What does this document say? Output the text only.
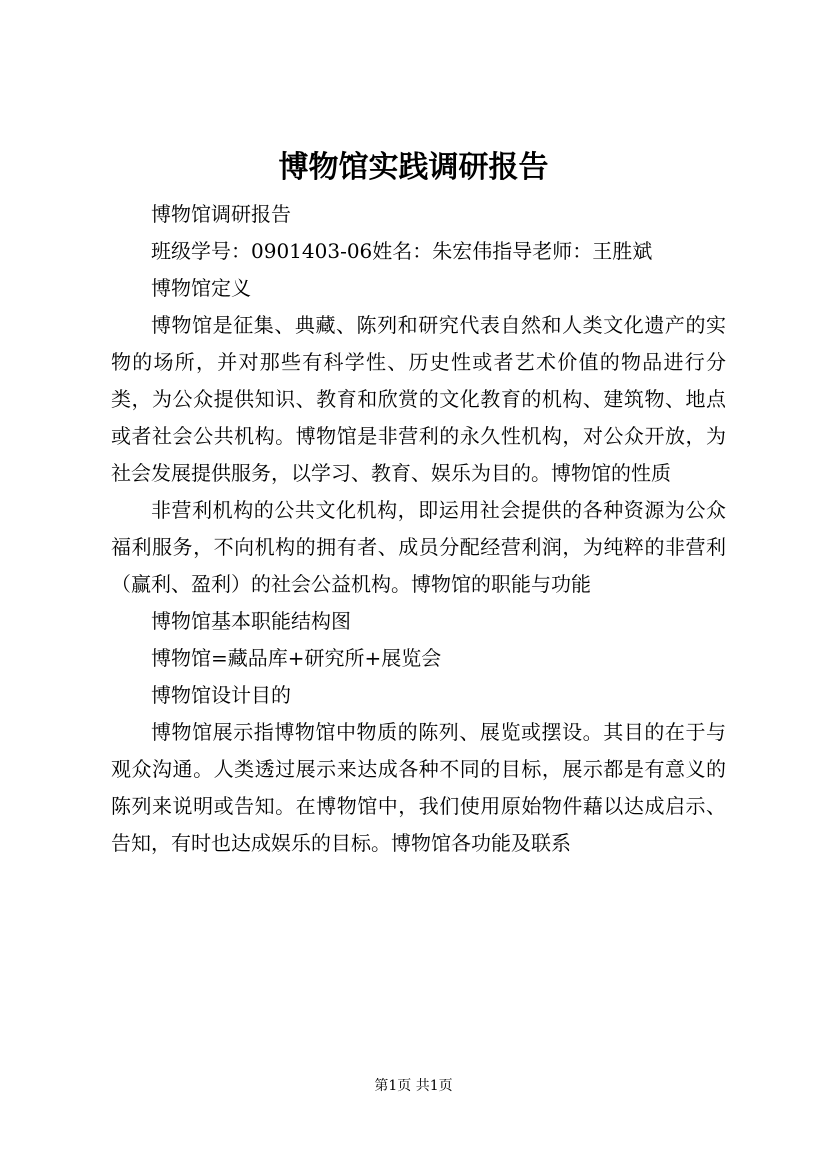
博物馆实践调研报告

博物馆调研报告

班级学号：0901403-06姓名：朱宏伟指导老师：王胜斌

博物馆定义

博物馆是征集、典藏、陈列和研究代表自然和人类文化遗产的实物的场所，并对那些有科学性、历史性或者艺术价值的物品进行分类，为公众提供知识、教育和欣赏的文化教育的机构、建筑物、地点或者社会公共机构。博物馆是非营利的永久性机构，对公众开放，为社会发展提供服务，以学习、教育、娱乐为目的。博物馆的性质

非营利机构的公共文化机构，即运用社会提供的各种资源为公众福利服务，不向机构的拥有者、成员分配经营利润，为纯粹的非营利（赢利、盈利）的社会公益机构。博物馆的职能与功能

博物馆基本职能结构图

博物馆=藏品库+研究所+展览会

博物馆设计目的

博物馆展示指博物馆中物质的陈列、展览或摆设。其目的在于与观众沟通。人类透过展示来达成各种不同的目标，展示都是有意义的陈列来说明或告知。在博物馆中，我们使用原始物件藉以达成启示、告知，有时也达成娱乐的目标。博物馆各功能及联系

第1页 共1页
